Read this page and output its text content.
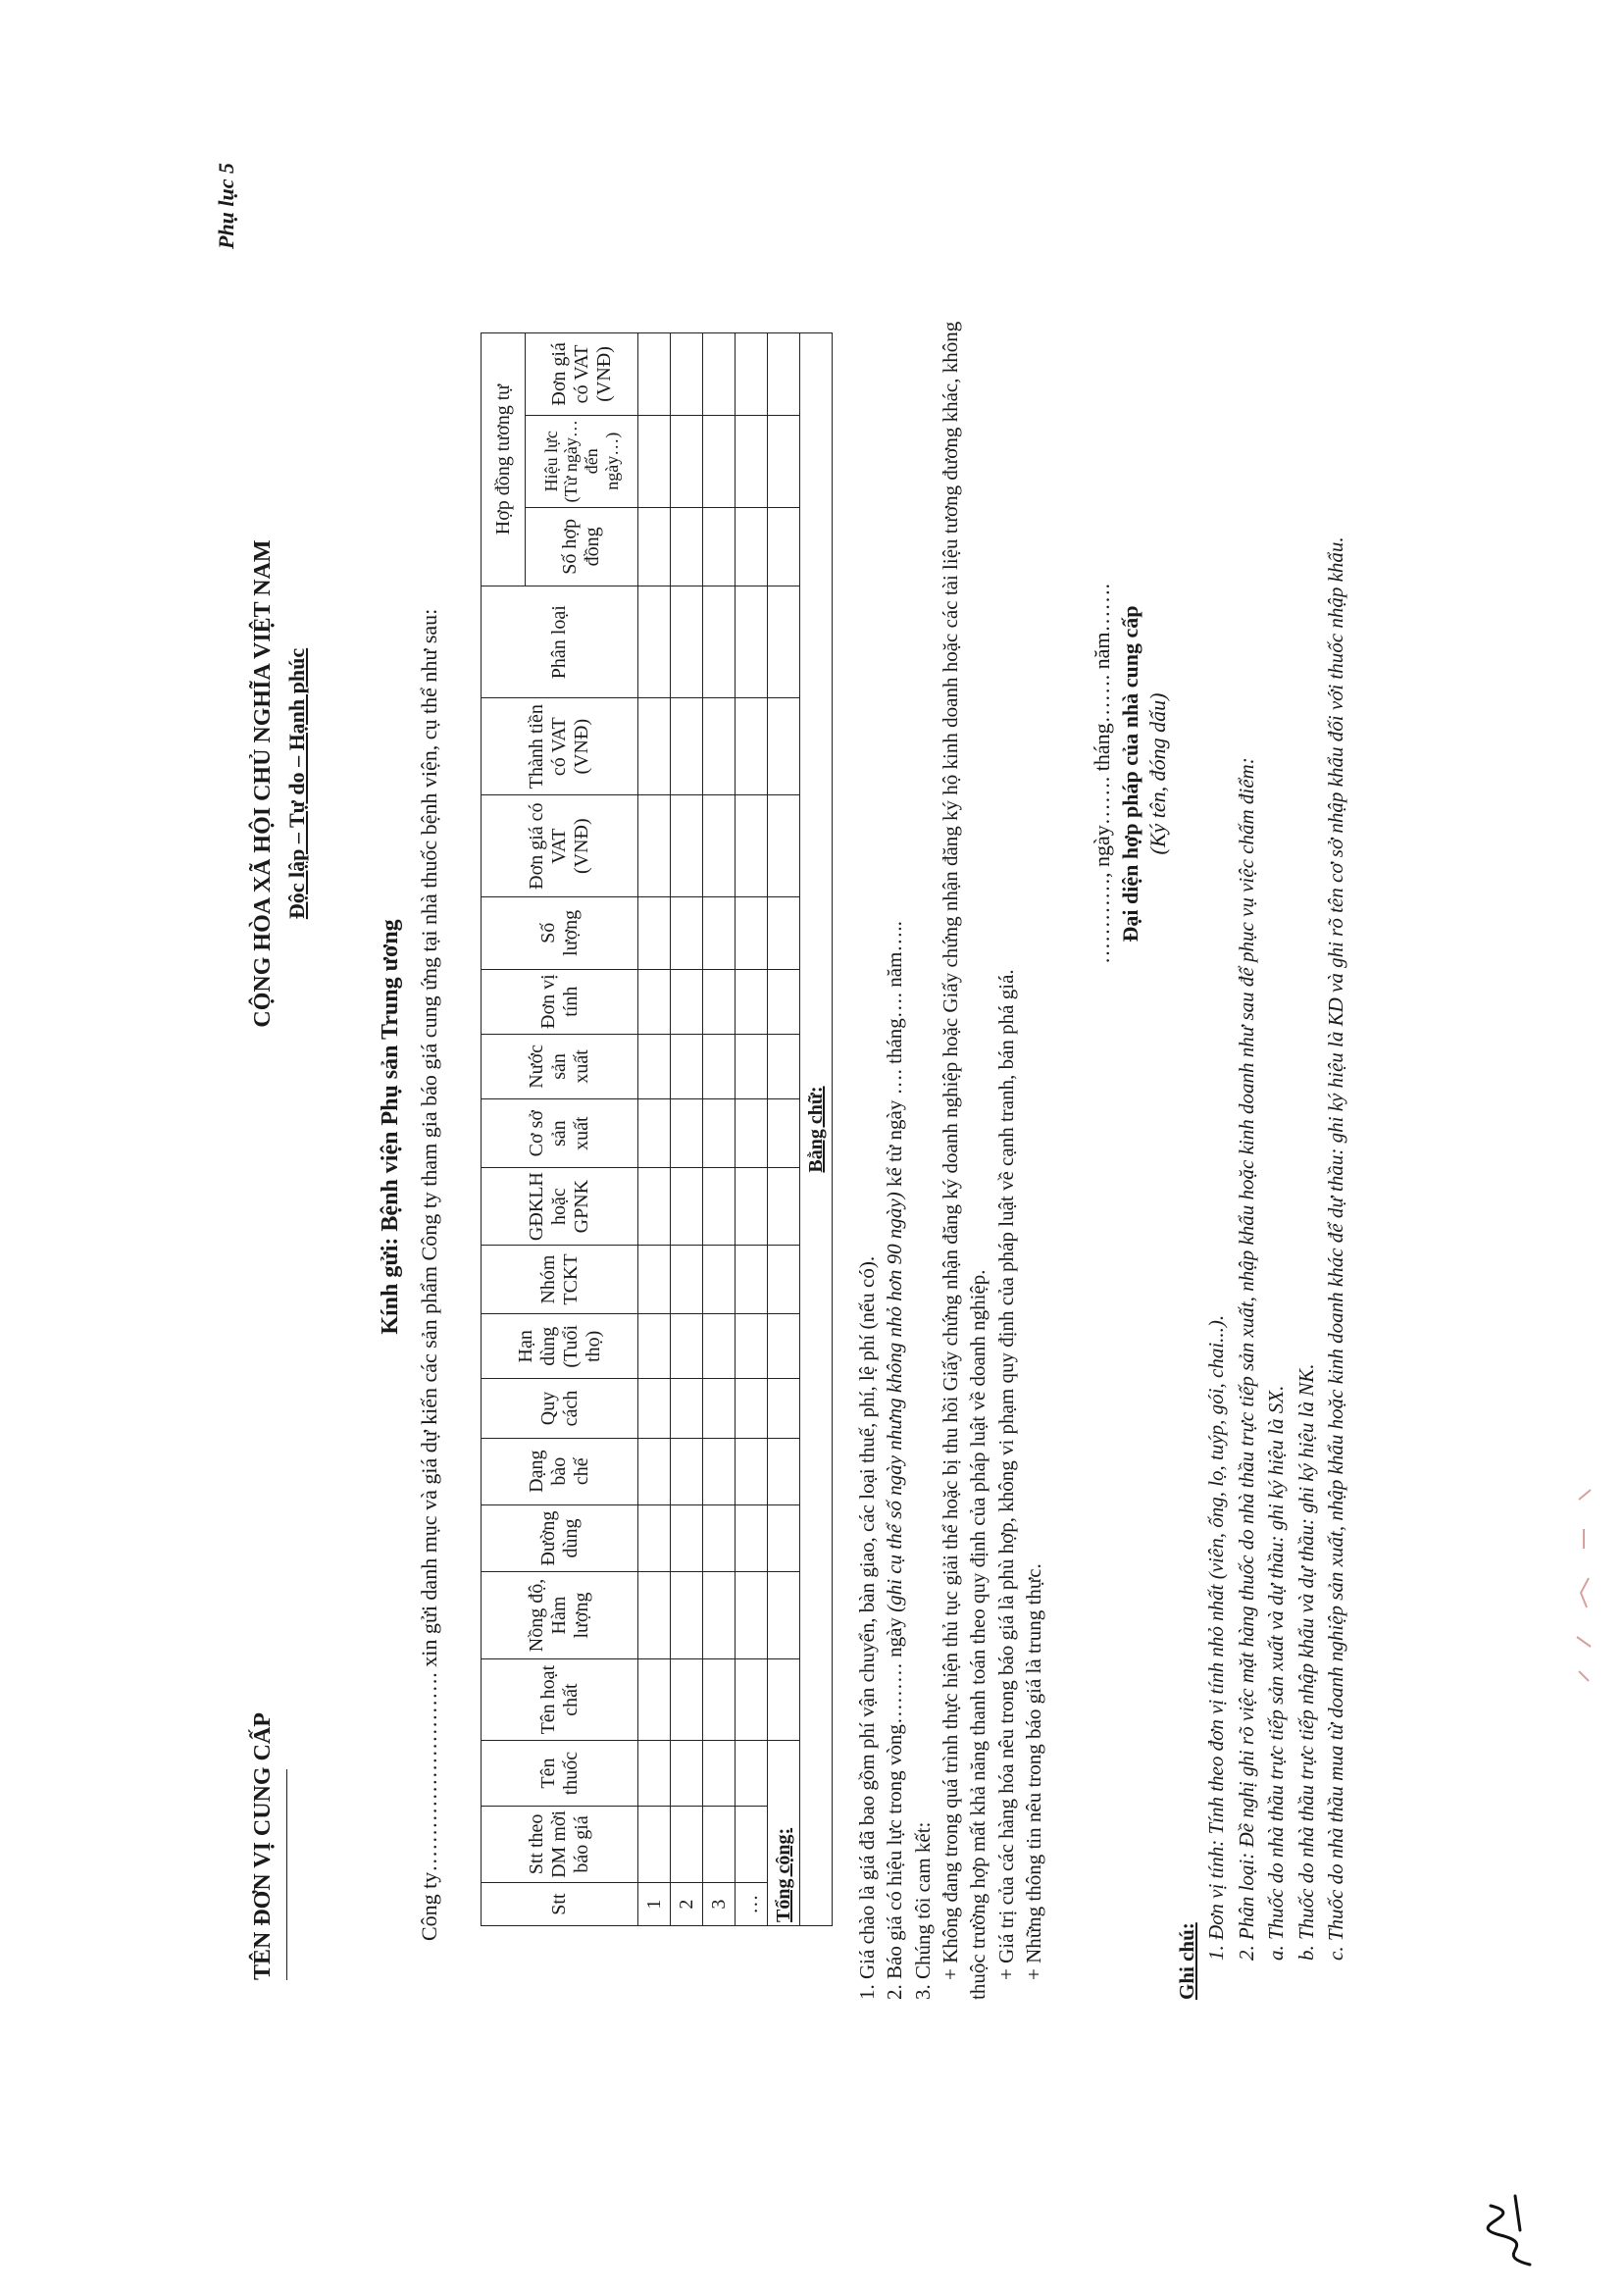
TÊN ĐƠN VỊ CUNG CẤP
CỘNG HÒA XÃ HỘI CHỦ NGHĨA VIỆT NAM Độc lập – Tự do – Hạnh phúc
Phụ lục 5
Kính gửi: Bệnh viện Phụ sản Trung ương Công ty………………………. xin gửi danh mục và giá dự kiến các sản phẩm Công ty tham gia báo giá cung ứng tại nhà thuốc bệnh viện, cụ thể như sau:	Stt	Stt theo DM mời báo giá	Tên thuốc	Tên hoạt chất	Nồng độ, Hàm lượng	Đường dùng	Dạng bào chế	Quy cách	Hạn dùng (Tuổi thọ)	Nhóm TCKT	GĐKLH hoặc GPNK	Cơ sở sản xuất	Nước sản xuất	Đơn vị tính	Số lượng	Đơn giá có VAT (VNĐ)	Thành tiền có VAT (VNĐ)	Phân loại	Hợp đồng tương tự		
																		Số hợp đồng	Hiệu lực (Từ ngày… đến ngày…)	Đơn giá có VAT (VNĐ)
1																				
2																				
3																				
…																				
Tổng cộng:																				
Bằng chữ:																				

1. Giá chào là giá đã bao gồm phí vận chuyển, bàn giao, các loại thuế, phí, lệ phí (nếu có). 2. Báo giá có hiệu lực trong vòng……… ngày (ghi cụ thể số ngày nhưng không nhỏ hơn 90 ngày) kể từ ngày …. tháng…. năm…..

3. Chúng tôi cam kết: + Không đang trong quá trình thực hiện thủ tục giải thể hoặc bị thu hồi Giấy chứng nhận đăng ký doanh nghiệp hoặc Giấy chứng nhận đăng ký hộ kinh doanh hoặc các tài liệu tương đương khác, không thuộc trường hợp mất khả năng thanh toán theo quy định của pháp luật về doanh nghiệp. + Giá trị của các hàng hóa nêu trong báo giá là phù hợp, không vi phạm quy định của pháp luật về cạnh tranh, bán phá giá. + Những thông tin nêu trong báo giá là trung thực.

…………, ngày……. tháng……. năm……. Đại diện hợp pháp của nhà cung cấp (Ký tên, đóng dấu)

Ghi chú:

1. Đơn vị tính: Tính theo đơn vị tính nhỏ nhất (viên, ống, lọ, tuýp, gói, chai...). 2. Phân loại: Đề nghị ghi rõ việc mặt hàng thuốc do nhà thầu trực tiếp sản xuất, nhập khẩu hoặc kinh doanh như sau để phục vụ việc chấm điểm: a. Thuốc do nhà thầu trực tiếp sản xuất và dự thầu: ghi ký hiệu là SX. b. Thuốc do nhà thầu trực tiếp nhập khẩu và dự thầu: ghi ký hiệu là NK. c. Thuốc do nhà thầu mua từ doanh nghiệp sản xuất, nhập khẩu hoặc kinh doanh khác để dự thầu: ghi ký hiệu là KD và ghi rõ tên cơ sở nhập khẩu đối với thuốc nhập khẩu.
